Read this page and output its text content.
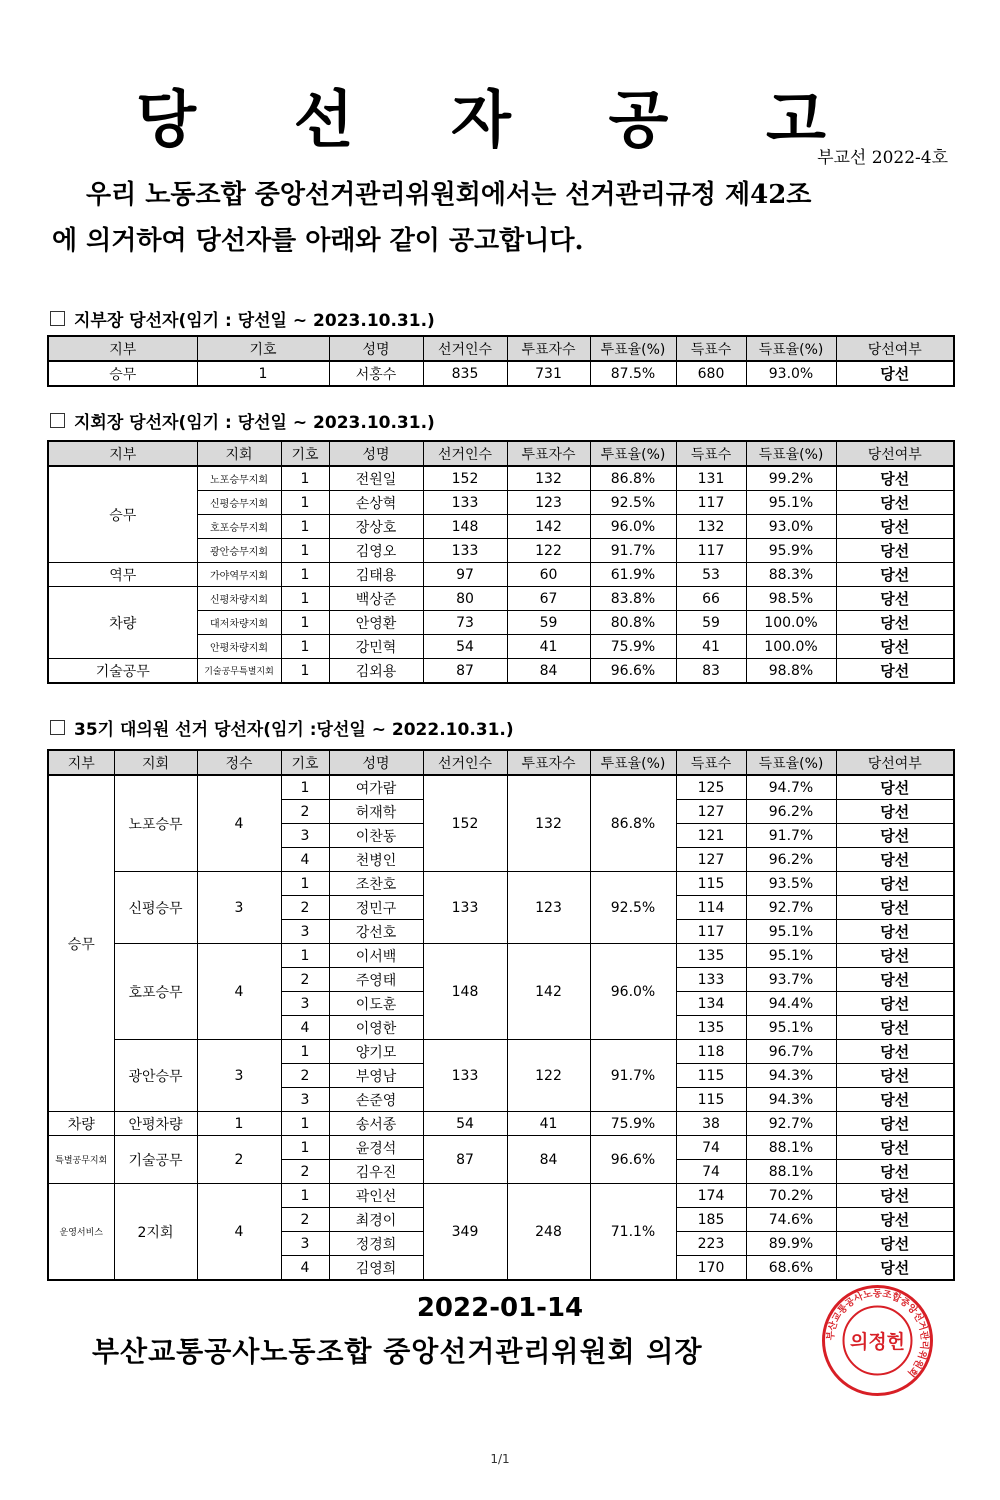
당 선 자 공 고
부교선 2022-4호

우리 노동조합 중앙선거관리위원회에서는 선거관리규정 제42조
에 의거하여 당선자를 아래와 같이 공고합니다.

지부장 당선자(임기 : 당선일 ~ 2023.10.31.)
지부	기호	성명	선거인수	투표자수	투표율(%)	득표수	득표율(%)	당선여부
승무	1	서홍수	835	731	87.5%	680	93.0%	당선
지회장 당선자(임기 : 당선일 ~ 2023.10.31.)
지부	지회	기호	성명	선거인수	투표자수	투표율(%)	득표수	득표율(%)	당선여부
승무	노포승무지회	1	전원일	152	132	86.8%	131	99.2%	당선
	신평승무지회	1	손상혁	133	123	92.5%	117	95.1%	당선
	호포승무지회	1	장상호	148	142	96.0%	132	93.0%	당선
	광안승무지회	1	김영오	133	122	91.7%	117	95.9%	당선
역무	가야역무지회	1	김태용	97	60	61.9%	53	88.3%	당선
차량	신평차량지회	1	백상준	80	67	83.8%	66	98.5%	당선
	대저차량지회	1	안영환	73	59	80.8%	59	100.0%	당선
	안평차량지회	1	강민혁	54	41	75.9%	41	100.0%	당선
기술공무	기술공무특별지회	1	김외용	87	84	96.6%	83	98.8%	당선
35기 대의원 선거 당선자(임기 :당선일 ~ 2022.10.31.)
지부	지회	정수	기호	성명	선거인수	투표자수	투표율(%)	득표수	득표율(%)	당선여부
승무	노포승무	4	1	여가람	152	132	86.8%	125	94.7%	당선
			2	허재학				127	96.2%	당선
			3	이찬동				121	91.7%	당선
			4	천병인				127	96.2%	당선
	신평승무	3	1	조찬호	133	123	92.5%	115	93.5%	당선
			2	정민구				114	92.7%	당선
			3	강선호				117	95.1%	당선
	호포승무	4	1	이서백	148	142	96.0%	135	95.1%	당선
			2	주영태				133	93.7%	당선
			3	이도훈				134	94.4%	당선
			4	이영한				135	95.1%	당선
	광안승무	3	1	양기모	133	122	91.7%	118	96.7%	당선
			2	부영남				115	94.3%	당선
			3	손준영				115	94.3%	당선
차량	안평차량	1	1	송서종	54	41	75.9%	38	92.7%	당선
특별공무지회	기술공무	2	1	윤경석	87	84	96.6%	74	88.1%	당선
			2	김우진				74	88.1%	당선
운영서비스	2지회	4	1	곽인선	349	248	71.1%	174	70.2%	당선
			2	최경이				185	74.6%	당선
			3	정경희				223	89.9%	당선
			4	김영희				170	68.6%	당선
2022-01-14
부산교통공사노동조합 중앙선거관리위원회 의장	부산교통공사노동조합중앙선거관리위원회
의정헌
1/1
